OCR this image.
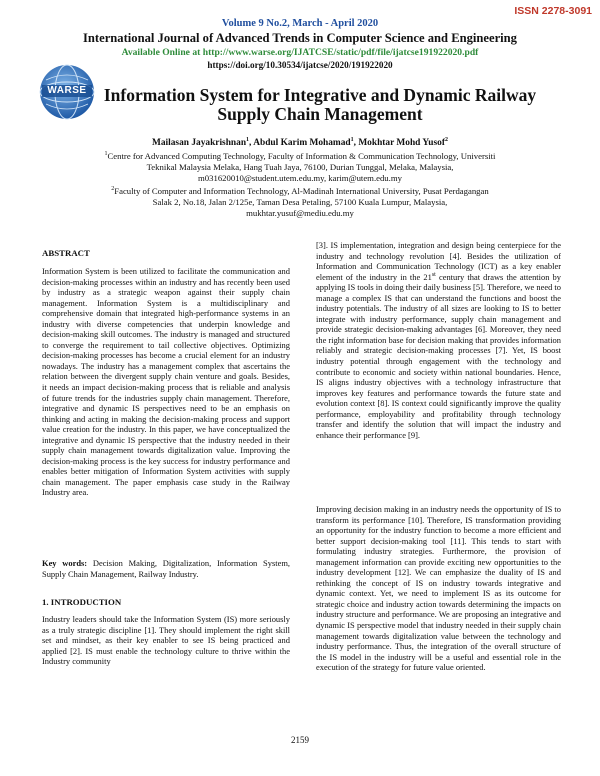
ISSN 2278-3091
Volume 9 No.2, March - April 2020
International Journal of Advanced Trends in Computer Science and Engineering
Available Online at http://www.warse.org/IJATCSE/static/pdf/file/ijatcse191922020.pdf
https://doi.org/10.30534/ijatcse/2020/191922020
WARSE Information System for Integrative and Dynamic Railway
Supply Chain Management
Mailasan Jayakrishnan$^1$, Abdul Karim Mohamad$^1$, Mokhtar Mohd Yusof$^2$
$^1$Centre for Advanced Computing Technology, Faculty of Information & Communication Technology, Universiti
Teknikal Malaysia Melaka, Hang Tuah Jaya, 76100, Durian Tunggal, Melaka, Malaysia,
m031620010@student.utem.edu.my, karim@utem.edu.my
$^2$Faculty of Computer and Information Technology, Al-Madinah International University, Pusat Perdagangan
Salak 2, No.18, Jalan 2/125e, Taman Desa Petaling, 57100 Kuala Lumpur, Malaysia,
mukhtar.yusuf@mediu.edu.my
ABSTRACT

Information System is been utilized to facilitate the communication and decision-making processes within an industry and has recently been used by industry as a strategic weapon against their supply chain management. Information System is a multidisciplinary and comprehensive domain that integrated high-performance systems in an industry with diverse competencies that underpin knowledge and decision-making skill outcomes. The industry is managed and structured to converge the requirement to tail collective objectives. Optimizing decision-making processes has become a crucial element for an industry nowadays. The industry has a management complex that ascertains the relation between the divergent supply chain venture and goals. Besides, it needs an impact decision-making process that is reliable and analysis of future trends for the industries supply chain management. Therefore, integrative and dynamic IS perspectives need to be an emphasis on thinking and acting in making the decision-making process and support value creation for the industry. In this paper, we have conceptualized the integrative and dynamic IS perspective that the industry needed in their supply chain management towards digitalization value. Improving the decision-making process is the key success for industry performance and enables better mitigation of Information System activities with supply chain management. The paper emphasis case study in the Railway Industry area.

Key words: Decision Making, Digitalization, Information System, Supply Chain Management, Railway Industry.

1. INTRODUCTION

Industry leaders should take the Information System (IS) more seriously as a truly strategic discipline [1]. They should implement the right skill set and mindset, as their key enabler to see IS being practiced and applied [2]. IS must enable the technology culture to thrive within the Industry community

[3]. IS implementation, integration and design being centerpiece for the industry and technology revolution [4]. Besides the utilization of Information and Communication Technology (ICT) as a key enabler element of the industry in the 21st century that draws the attention by applying IS tools in doing their daily business [5]. Therefore, we need to manage a complex IS that can understand the functions and boost the industry potentials. The industry of all sizes are looking to IS to better integrate with industry performance, supply chain management and provide strategic decision-making advantages [6]. Moreover, they need the right information base for decision making that provides information reliably and strategic decision-making processes [7]. Yet, IS boost industry potential through engagement with the technology and contribute to economic and society within national boundaries. Hence, IS aligns industry objectives with a technology infrastructure that improves key features and performance towards the future state and evolution context [8]. IS context could significantly improve the quality performance, employability and profitability through technology transfer and identify the solution that will impact the industry and enhance their performance [9].

Improving decision making in an industry needs the opportunity of IS to transform its performance [10]. Therefore, IS transformation providing an opportunity for the industry function to become a more efficient and better support decision-making tool [11]. This tends to start with formulating industry strategies. Furthermore, the provision of management information can provide exciting new opportunities to the industry development [12]. We can emphasize the duality of IS and rethinking the concept of IS on industry towards integrative and dynamic context. Yet, we need to implement IS as its outcome for strategic choice and industry action towards determining the impacts on industry structure and performance. We are proposing an integrative and dynamic IS perspective model that industry needed in their supply chain management towards digitalization value between the technology and industry performance. Thus, the integration of the overall structure of the IS model in the industry will be a useful and essential role in the execution of the strategy for future value oriented.

2159
